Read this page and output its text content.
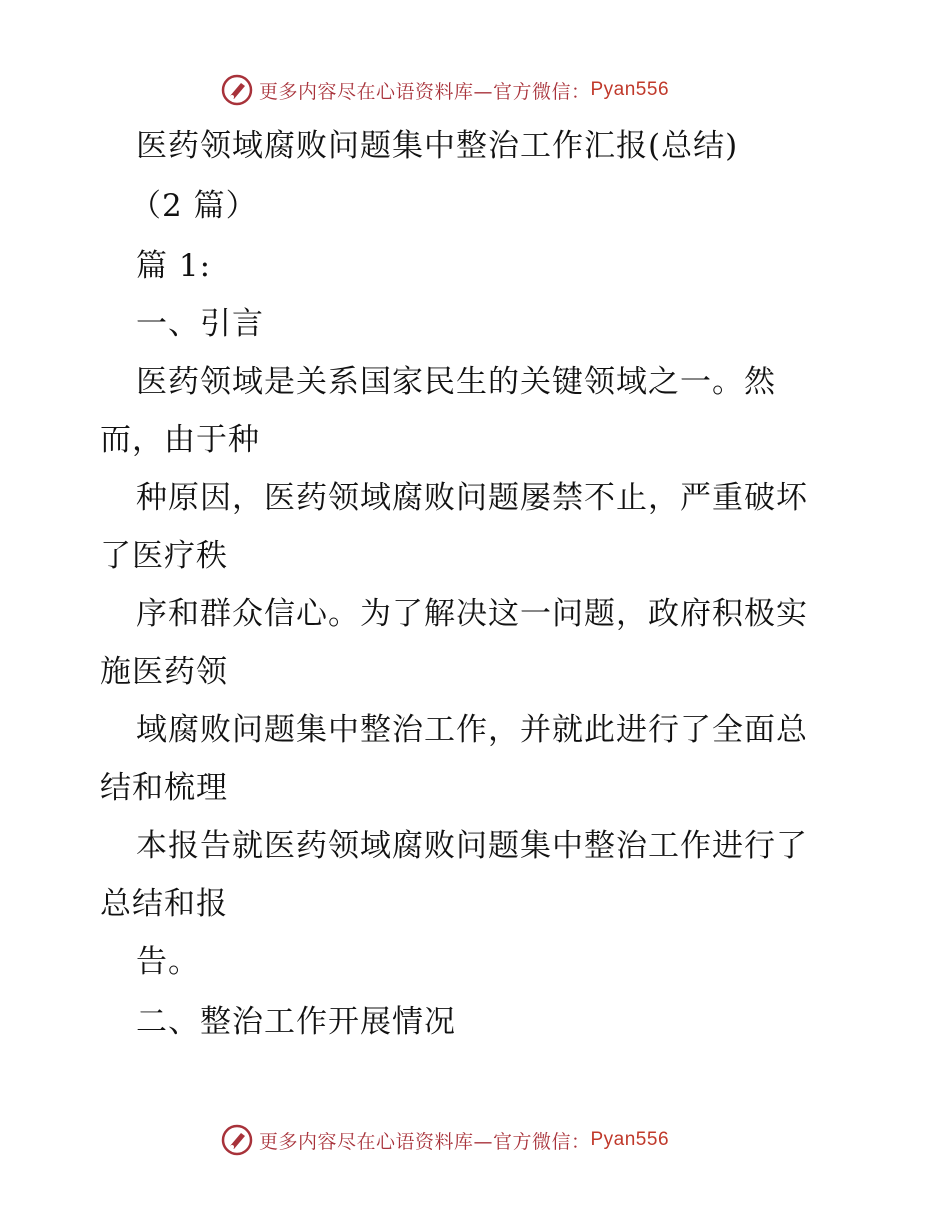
更多内容尽在心语资料库—官方微信： Pyan556
医药领域腐败问题集中整治工作汇报(总结)
（2 篇）
篇 1:
一、引言
医药领域是关系国家民生的关键领域之一。然
而，由于种
种原因，医药领域腐败问题屡禁不止，严重破坏
了医疗秩
序和群众信心。为了解决这一问题，政府积极实
施医药领
域腐败问题集中整治工作，并就此进行了全面总
结和梳理
本报告就医药领域腐败问题集中整治工作进行了
总结和报
告。
二、整治工作开展情况
更多内容尽在心语资料库—官方微信： Pyan556
